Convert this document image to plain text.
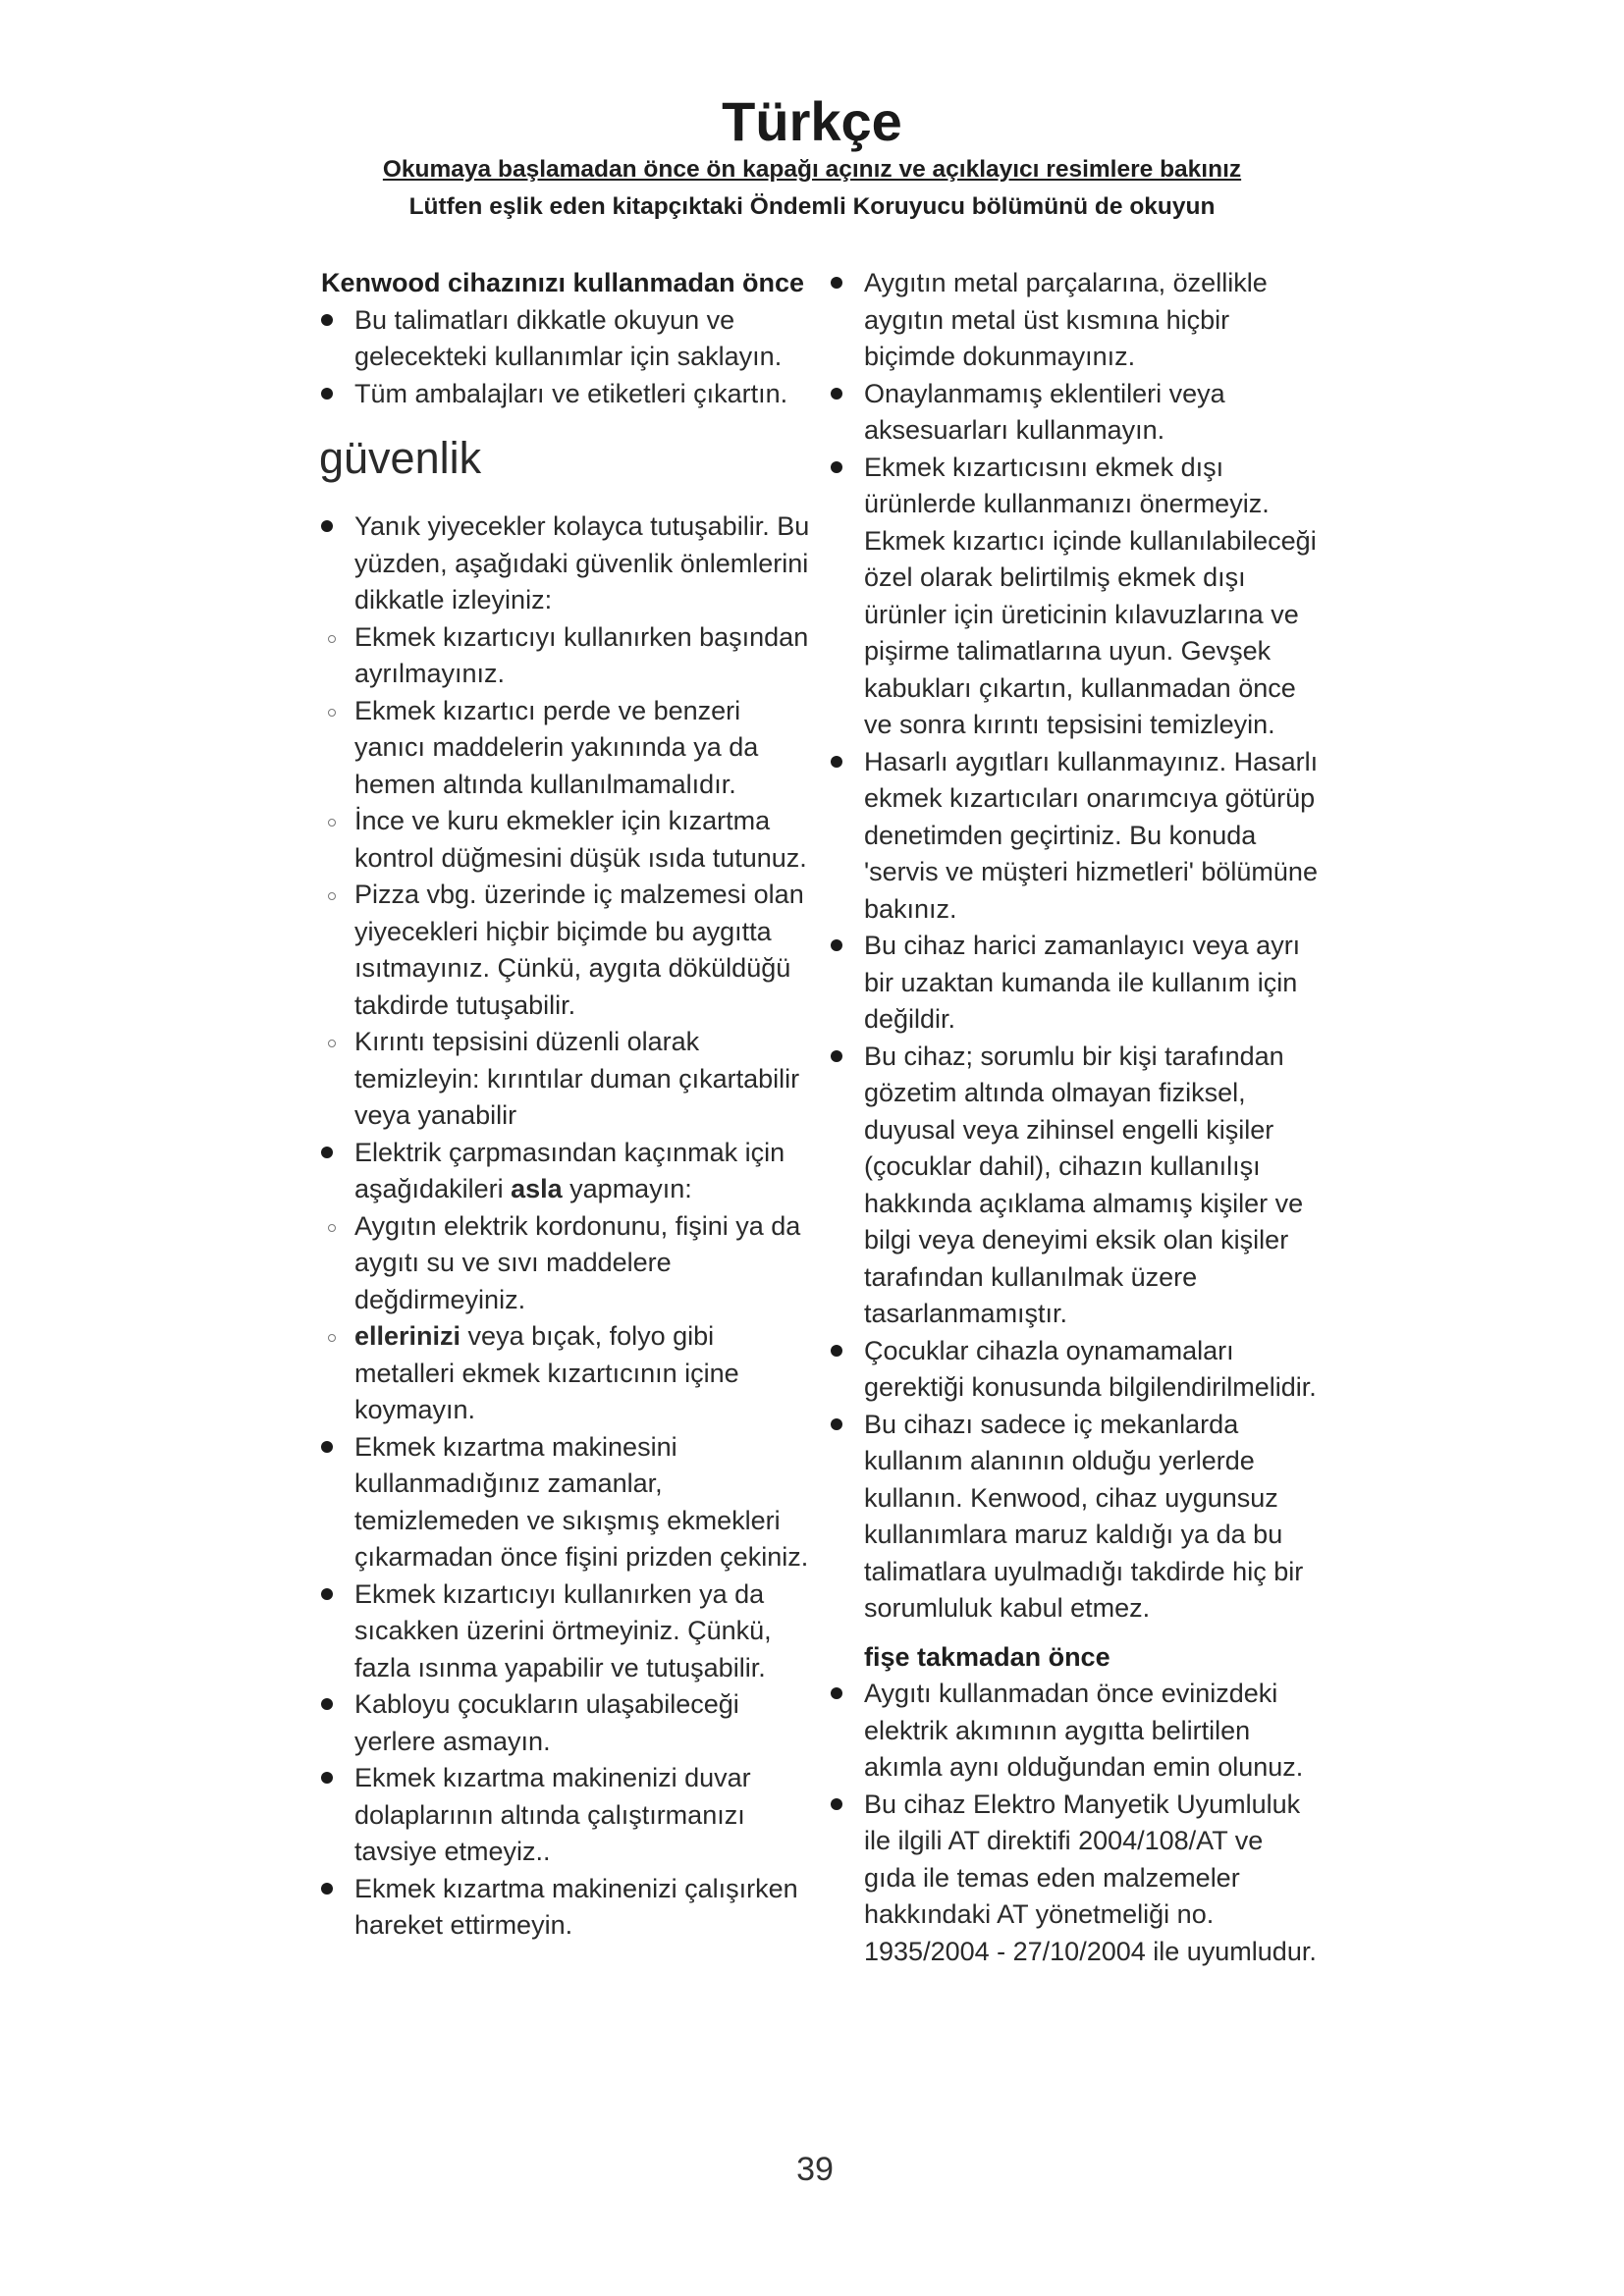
Türkçe
Okumaya başlamadan önce ön kapağı açınız ve açıklayıcı resimlere bakınız
Lütfen eşlik eden kitapçıktaki Öndemli Koruyucu bölümünü de okuyun
Kenwood cihazınızı kullanmadan önce
Bu talimatları dikkatle okuyun ve gelecekteki kullanımlar için saklayın.
Tüm ambalajları ve etiketleri çıkartın.
güvenlik
Yanık yiyecekler kolayca tutuşabilir. Bu yüzden, aşağıdaki güvenlik önlemlerini dikkatle izleyiniz:
Ekmek kızartıcıyı kullanırken başından ayrılmayınız.
Ekmek kızartıcı perde ve benzeri yanıcı maddelerin yakınında ya da hemen altında kullanılmamalıdır.
İnce ve kuru ekmekler için kızartma kontrol düğmesini düşük ısıda tutunuz.
Pizza vbg. üzerinde iç malzemesi olan yiyecekleri hiçbir biçimde bu aygıtta ısıtmayınız. Çünkü, aygıta döküldüğü takdirde tutuşabilir.
Kırıntı tepsisini düzenli olarak temizleyin: kırıntılar duman çıkartabilir veya yanabilir
Elektrik çarpmasından kaçınmak için aşağıdakileri asla yapmayın:
Aygıtın elektrik kordonunu, fişini ya da aygıtı su ve sıvı maddelere değdirmeyiniz.
ellerinizi veya bıçak, folyo gibi metalleri ekmek kızartıcının içine koymayın.
Ekmek kızartma makinesini kullanmadığınız zamanlar, temizlemeden ve sıkışmış ekmekleri çıkarmadan önce fişini prizden çekiniz.
Ekmek kızartıcıyı kullanırken ya da sıcakken üzerini örtmeyiniz. Çünkü, fazla ısınma yapabilir ve tutuşabilir.
Kabloyu çocukların ulaşabileceği yerlere asmayın.
Ekmek kızartma makinenizi duvar dolaplarının altında çalıştırmanızı tavsiye etmeyiz..
Ekmek kızartma makinenizi çalışırken hareket ettirmeyin.
Aygıtın metal parçalarına, özellikle aygıtın metal üst kısmına hiçbir biçimde dokunmayınız.
Onaylanmamış eklentileri veya aksesuarları kullanmayın.
Ekmek kızartıcısını ekmek dışı ürünlerde kullanmanızı önermeyiz. Ekmek kızartıcı içinde kullanılabileceği özel olarak belirtilmiş ekmek dışı ürünler için üreticinin kılavuzlarına ve pişirme talimatlarına uyun. Gevşek kabukları çıkartın, kullanmadan önce ve sonra kırıntı tepsisini temizleyin.
Hasarlı aygıtları kullanmayınız. Hasarlı ekmek kızartıcıları onarımcıya götürüp denetimden geçirtiniz. Bu konuda 'servis ve müşteri hizmetleri' bölümüne bakınız.
Bu cihaz harici zamanlayıcı veya ayrı bir uzaktan kumanda ile kullanım için değildir.
Bu cihaz; sorumlu bir kişi tarafından gözetim altında olmayan fiziksel, duyusal veya zihinsel engelli kişiler (çocuklar dahil), cihazın kullanılışı hakkında açıklama almamış kişiler ve bilgi veya deneyimi eksik olan kişiler tarafından kullanılmak üzere tasarlanmamıştır.
Çocuklar cihazla oynamamaları gerektiği konusunda bilgilendirilmelidir.
Bu cihazı sadece iç mekanlarda kullanım alanının olduğu yerlerde kullanın. Kenwood, cihaz uygunsuz kullanımlara maruz kaldığı ya da bu talimatlara uyulmadığı takdirde hiç bir sorumluluk kabul etmez.
fişe takmadan önce
Aygıtı kullanmadan önce evinizdeki elektrik akımının aygıtta belirtilen akımla aynı olduğundan emin olunuz.
Bu cihaz Elektro Manyetik Uyumluluk ile ilgili AT direktifi 2004/108/AT ve gıda ile temas eden malzemeler hakkındaki AT yönetmeliği no. 1935/2004 - 27/10/2004 ile uyumludur.
39
